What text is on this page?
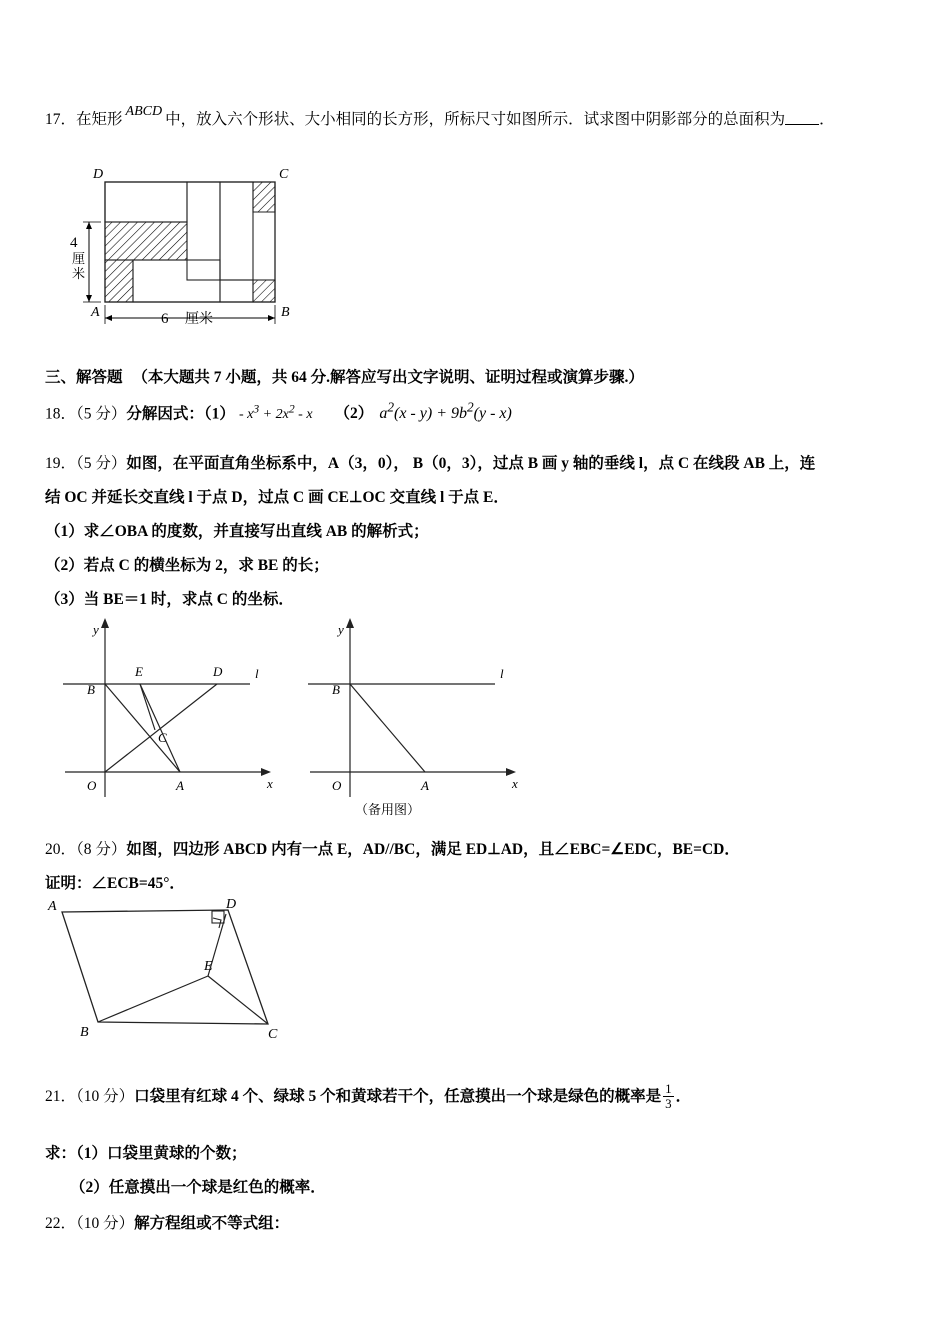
17．在矩形 ABCD 中，放入六个形状、大小相同的长方形，所标尺寸如图所示．试求图中阴影部分的总面积为 ．
D	C
A	B
4
厘米
6 厘米
三、解答题 （本大题共 7 小题，共 64 分.解答应写出文字说明、证明过程或演算步骤.）
18．（5 分）分解因式：$(1) - x^3 + 2x^2 - x$ （2） $a^2(x - y) + 9b^2(y - x)$
19．（5 分）如图，在平面直角坐标系中，A（3，0）， B（0，3），过点 B 画 y 轴的垂线 l，点 C 在线段 AB 上，连
结 OC 并延长交直线 l 于点 D，过点 C 画 CE⊥OC 交直线 l 于点 E．
（1）求∠OBA 的度数，并直接写出直线 AB 的解析式；
（2）若点 C 的横坐标为 2，求 BE 的长；
（3）当 BE＝1 时，求点 C 的坐标．
y
x
O	A
B
C
D
E	l
y
x
O	A
B
l
（备用图）
20．（8 分）如图，四边形 ABCD 内有一点 E，AD//BC，满足 ED⊥AD，且∠EBC=∠EDC，BE=CD．
证明：∠ECB=45°．
A	D
B	C
E
21．（10 分）口袋里有红球 4 个、绿球 5 个和黄球若干个，任意摸出一个球是绿色的概率是 $\frac{1}{3}$ ．
求：（1）口袋里黄球的个数；
（2）任意摸出一个球是红色的概率．
22．（10 分）解方程组或不等式组：
